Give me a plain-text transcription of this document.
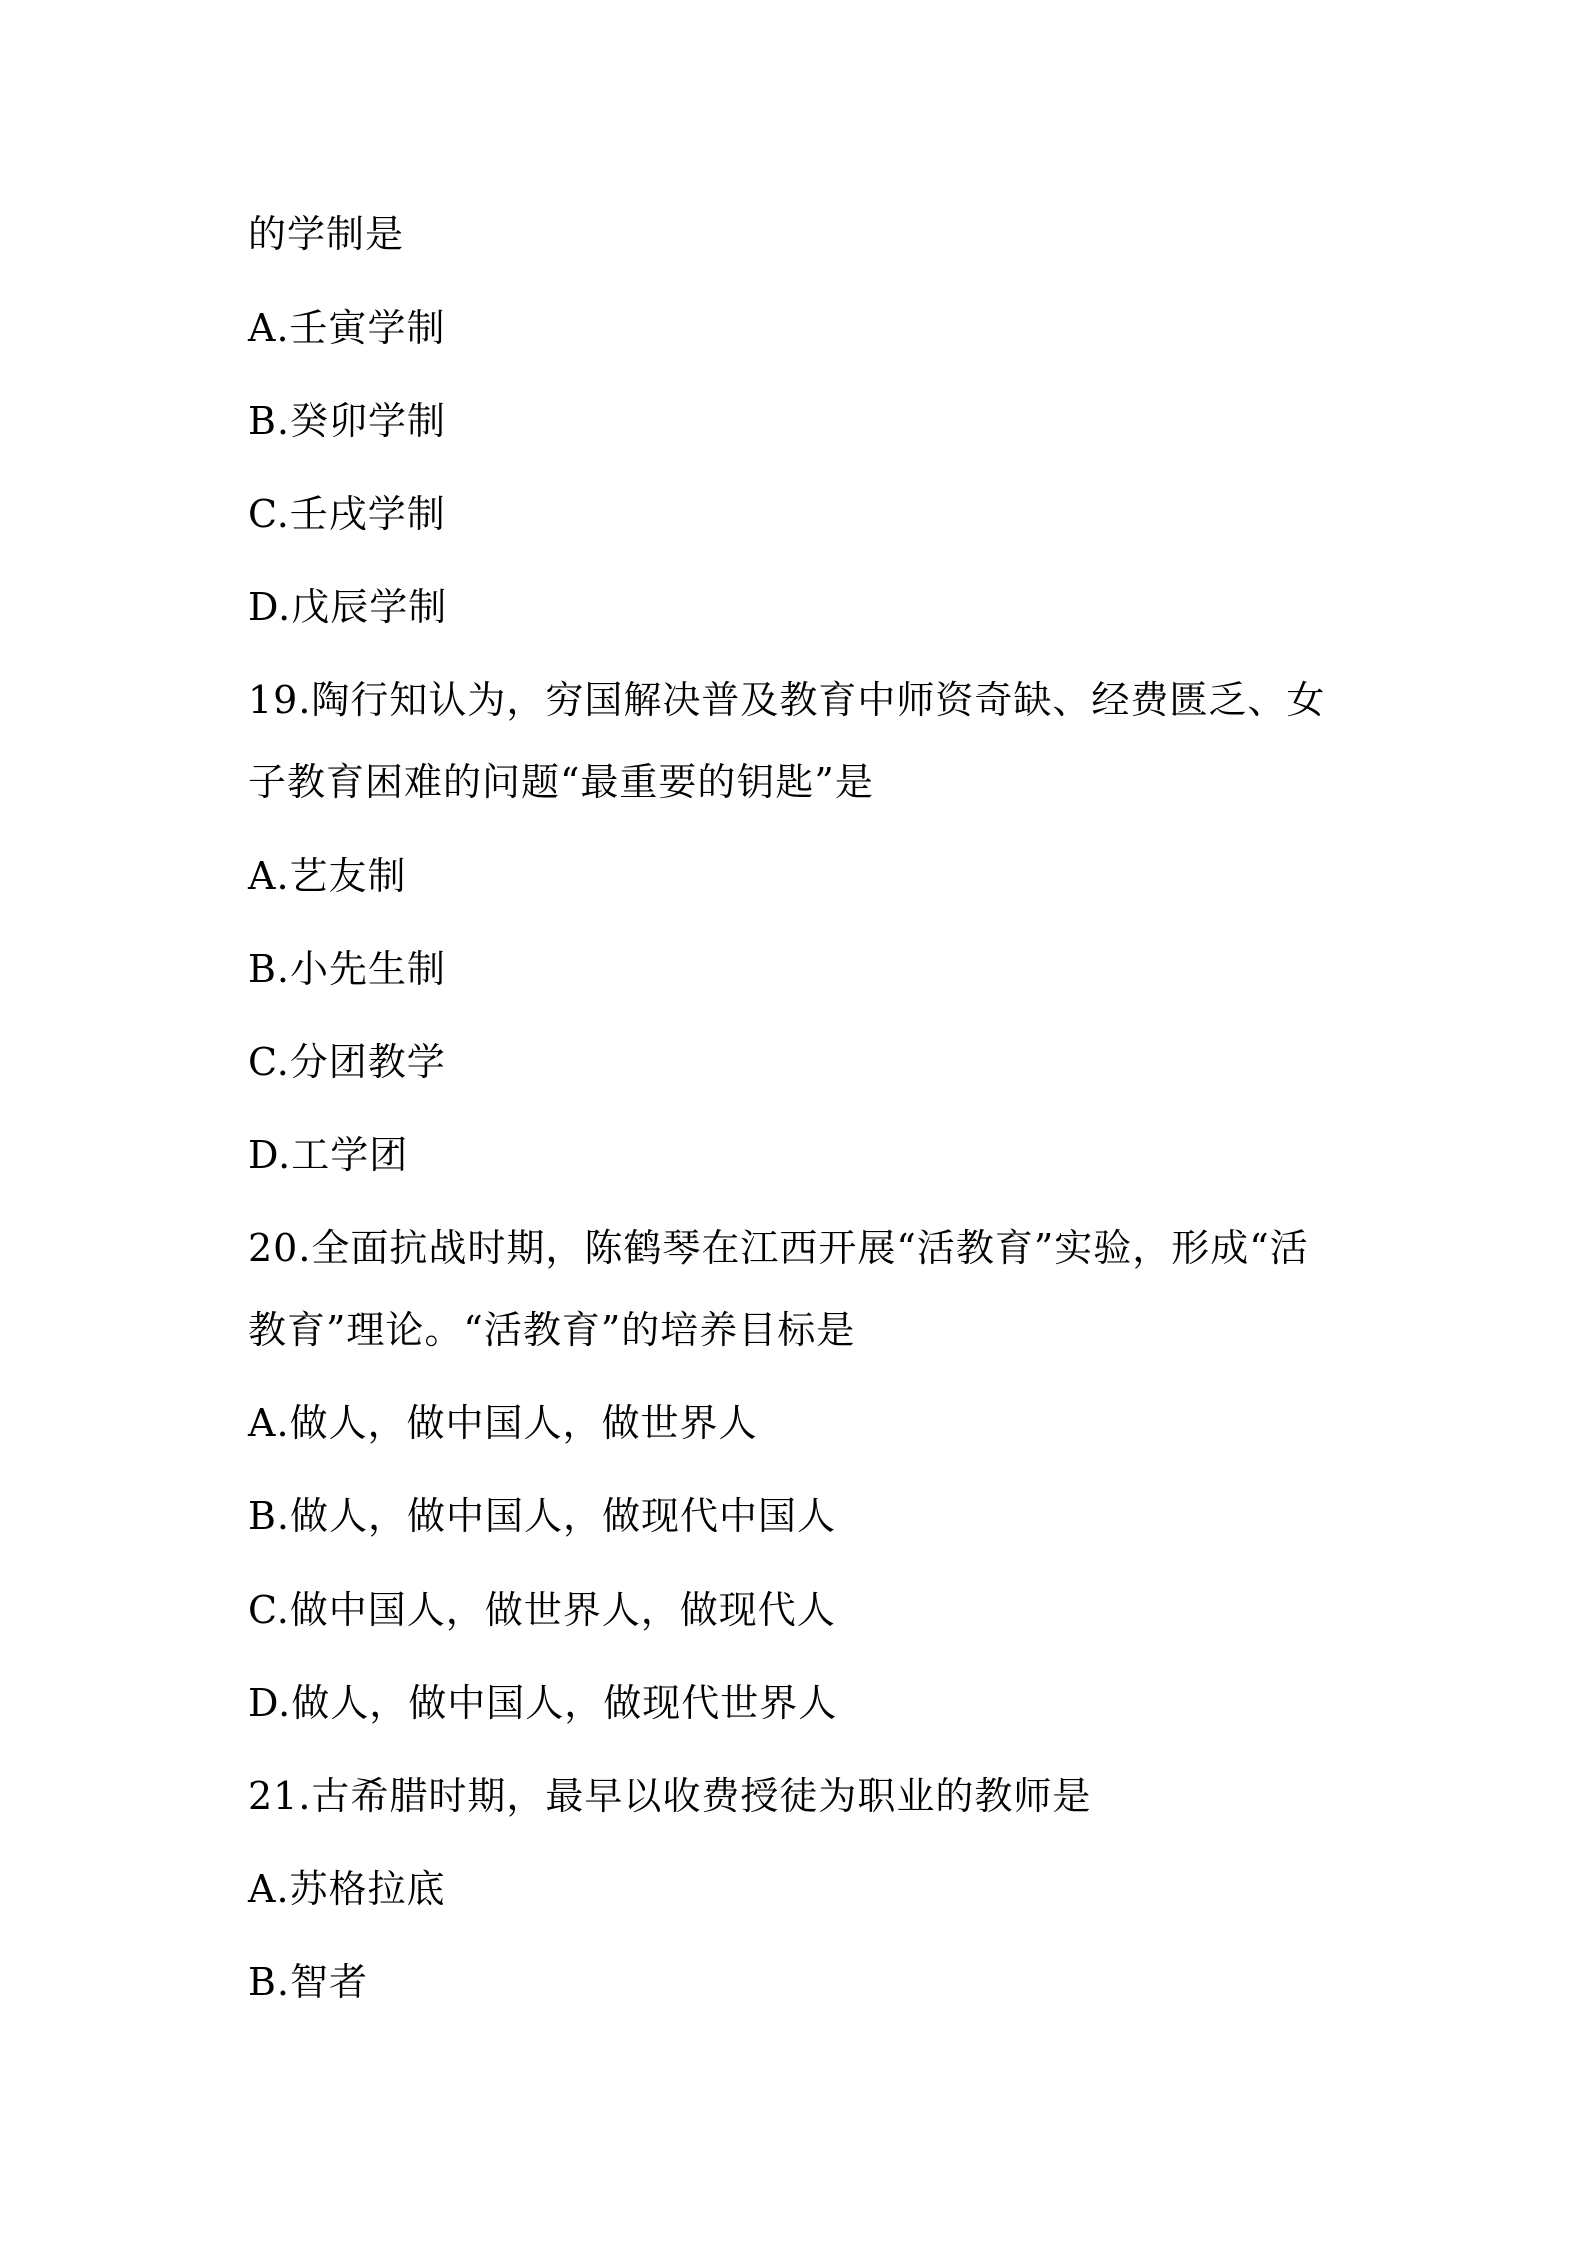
的学制是
A.壬寅学制
B.癸卯学制
C.壬戌学制
D.戊辰学制
19.陶行知认为，穷国解决普及教育中师资奇缺、经费匮乏、女
子教育困难的问题“最重要的钥匙”是
A.艺友制
B.小先生制
C.分团教学
D.工学团
20.全面抗战时期，陈鹤琴在江西开展“活教育”实验，形成“活
教育”理论。“活教育”的培养目标是
A.做人，做中国人，做世界人
B.做人，做中国人，做现代中国人
C.做中国人，做世界人，做现代人
D.做人，做中国人，做现代世界人
21.古希腊时期，最早以收费授徒为职业的教师是
A.苏格拉底
B.智者
